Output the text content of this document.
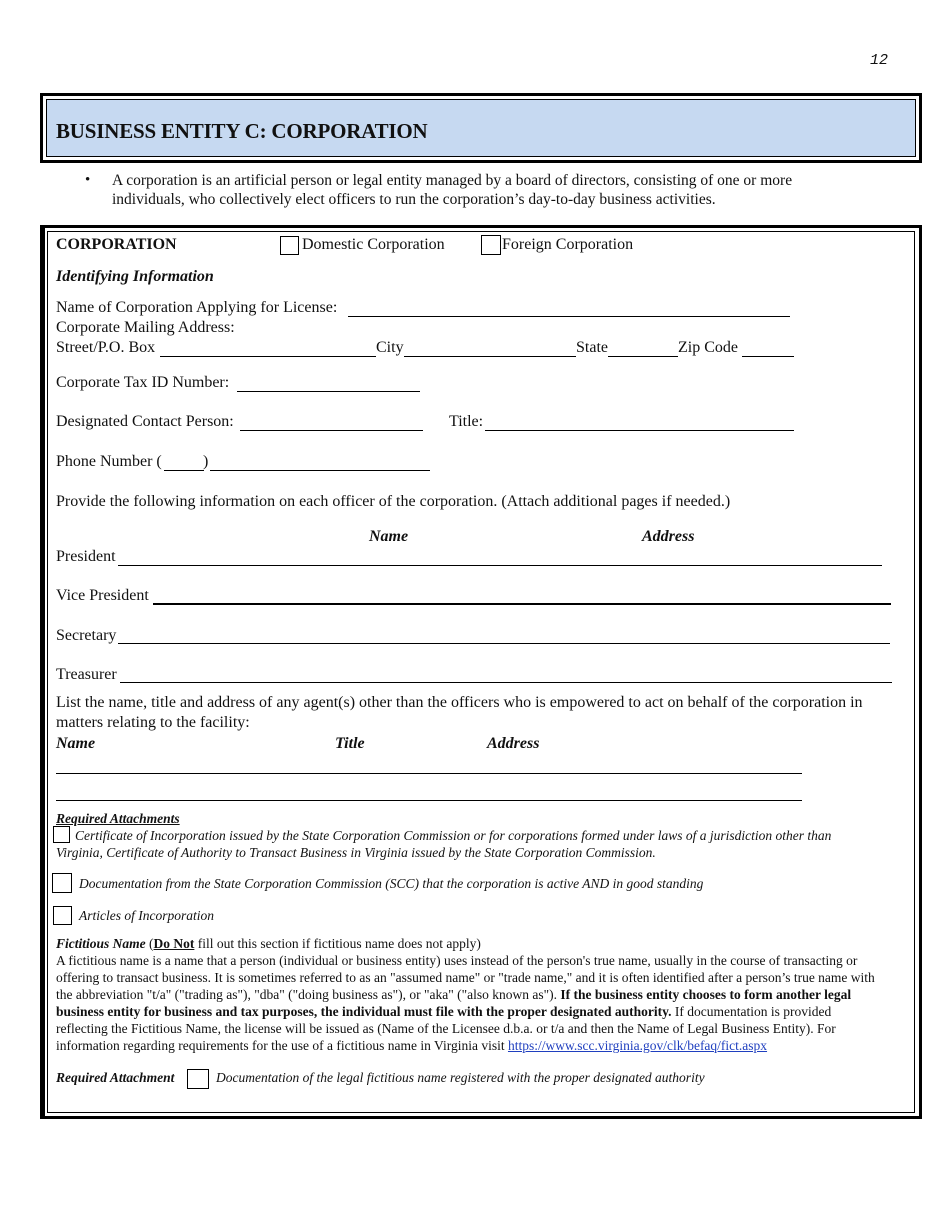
12
BUSINESS ENTITY C: CORPORATION
• A corporation is an artificial person or legal entity managed by a board of directors, consisting of one or more individuals, who collectively elect officers to run the corporation’s day-to-day business activities.
CORPORATION	Domestic Corporation	Foreign Corporation
Identifying Information
Name of Corporation Applying for License:
Corporate Mailing Address:
Street/P.O. Box	City	State	Zip Code
Corporate Tax ID Number:
Designated Contact Person:	Title:
Phone Number (	)
Provide the following information on each officer of the corporation. (Attach additional pages if needed.)
Name	Address
President
Vice President
Secretary
Treasurer
List the name, title and address of any agent(s) other than the officers who is empowered to act on behalf of the corporation in matters relating to the facility:
Name	Title	Address
Required Attachments
Certificate of Incorporation issued by the State Corporation Commission or for corporations formed under laws of a jurisdiction other than Virginia, Certificate of Authority to Transact Business in Virginia issued by the State Corporation Commission.
Documentation from the State Corporation Commission (SCC) that the corporation is active AND in good standing
Articles of Incorporation
Fictitious Name (Do Not fill out this section if fictitious name does not apply)
A fictitious name is a name that a person (individual or business entity) uses instead of the person's true name, usually in the course of transacting or offering to transact business. It is sometimes referred to as an "assumed name" or "trade name," and it is often identified after a person’s true name with the abbreviation "t/a" ("trading as"), "dba" ("doing business as"), or "aka" ("also known as"). If the business entity chooses to form another legal business entity for business and tax purposes, the individual must file with the proper designated authority. If documentation is provided reflecting the Fictitious Name, the license will be issued as (Name of the Licensee d.b.a. or t/a and then the Name of Legal Business Entity). For information regarding requirements for the use of a fictitious name in Virginia visit https://www.scc.virginia.gov/clk/befaq/fict.aspx
Required Attachment	Documentation of the legal fictitious name registered with the proper designated authority
